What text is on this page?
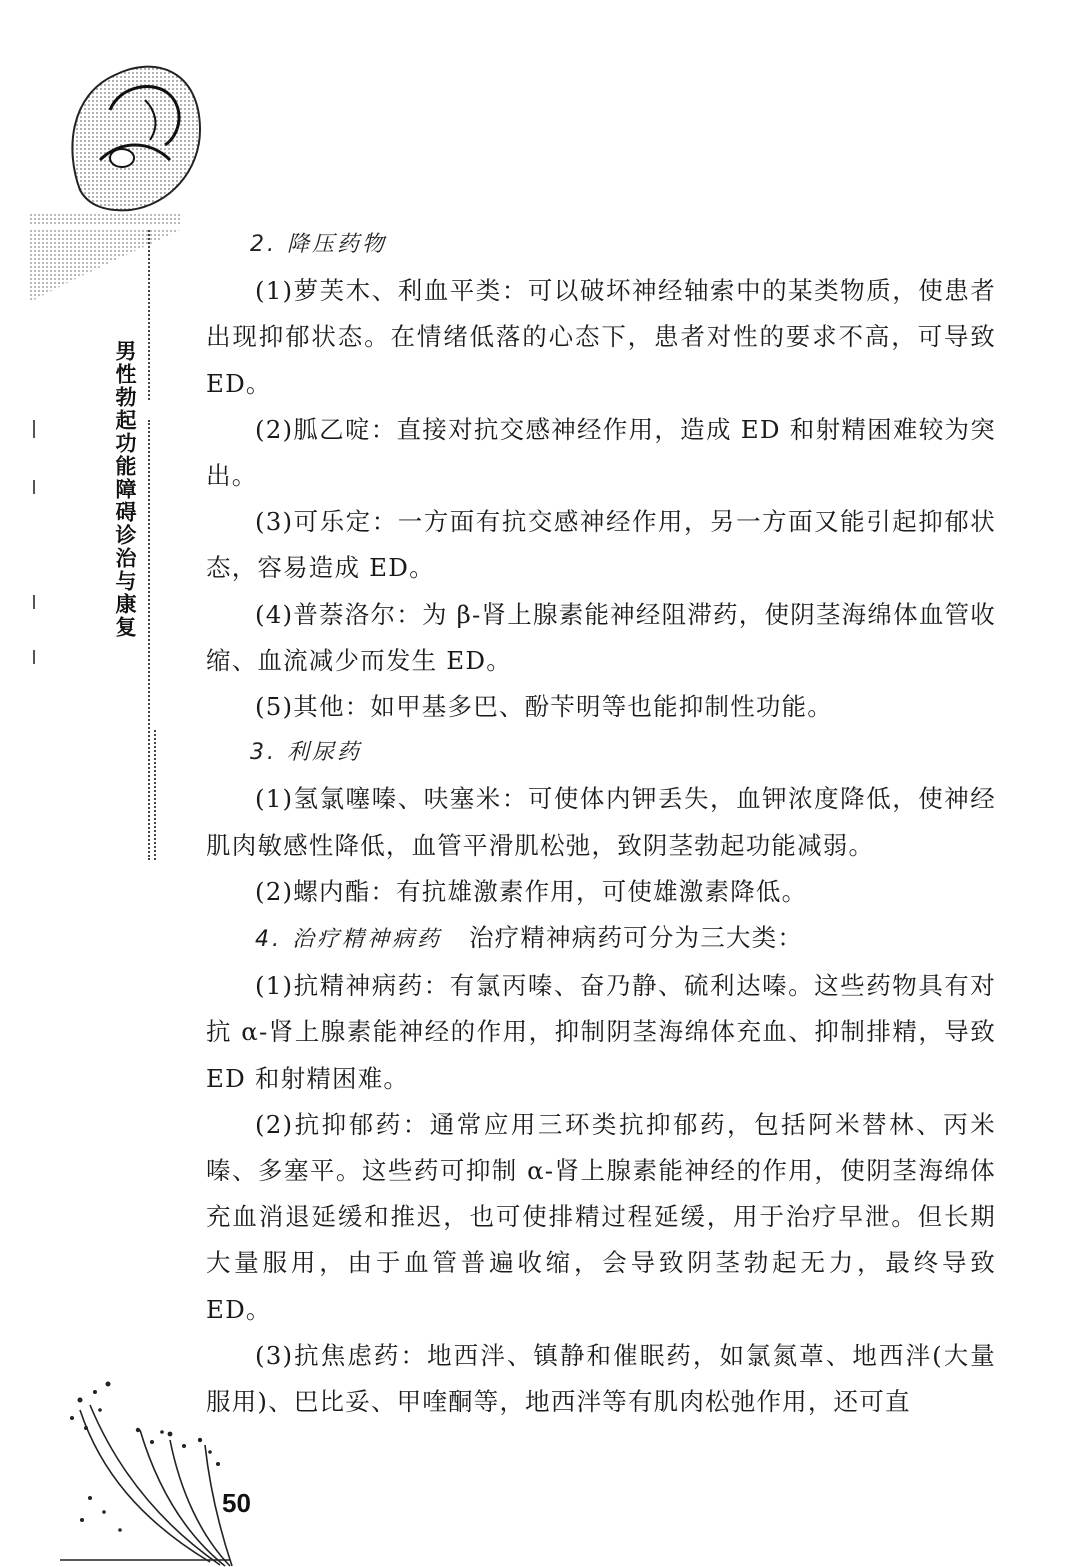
男性勃起功能障碍诊治与康复

2. 降压药物

(1)萝芙木、利血平类：可以破坏神经轴索中的某类物质，使患者出现抑郁状态。在情绪低落的心态下，患者对性的要求不高，可导致 ED。

(2)胍乙啶：直接对抗交感神经作用，造成 ED 和射精困难较为突出。

(3)可乐定：一方面有抗交感神经作用，另一方面又能引起抑郁状态，容易造成 ED。

(4)普萘洛尔：为 β-肾上腺素能神经阻滞药，使阴茎海绵体血管收缩、血流减少而发生 ED。

(5)其他：如甲基多巴、酚苄明等也能抑制性功能。

3. 利尿药

(1)氢氯噻嗪、呋塞米：可使体内钾丢失，血钾浓度降低，使神经肌肉敏感性降低，血管平滑肌松弛，致阴茎勃起功能减弱。

(2)螺内酯：有抗雄激素作用，可使雄激素降低。

4. 治疗精神病药 治疗精神病药可分为三大类：

(1)抗精神病药：有氯丙嗪、奋乃静、硫利达嗪。这些药物具有对抗 α-肾上腺素能神经的作用，抑制阴茎海绵体充血、抑制排精，导致 ED 和射精困难。

(2)抗抑郁药：通常应用三环类抗抑郁药，包括阿米替林、丙米嗪、多塞平。这些药可抑制 α-肾上腺素能神经的作用，使阴茎海绵体充血消退延缓和推迟，也可使排精过程延缓，用于治疗早泄。但长期大量服用，由于血管普遍收缩，会导致阴茎勃起无力，最终导致 ED。

(3)抗焦虑药：地西泮、镇静和催眠药，如氯氮䓬、地西泮(大量服用)、巴比妥、甲喹酮等，地西泮等有肌肉松弛作用，还可直

50
